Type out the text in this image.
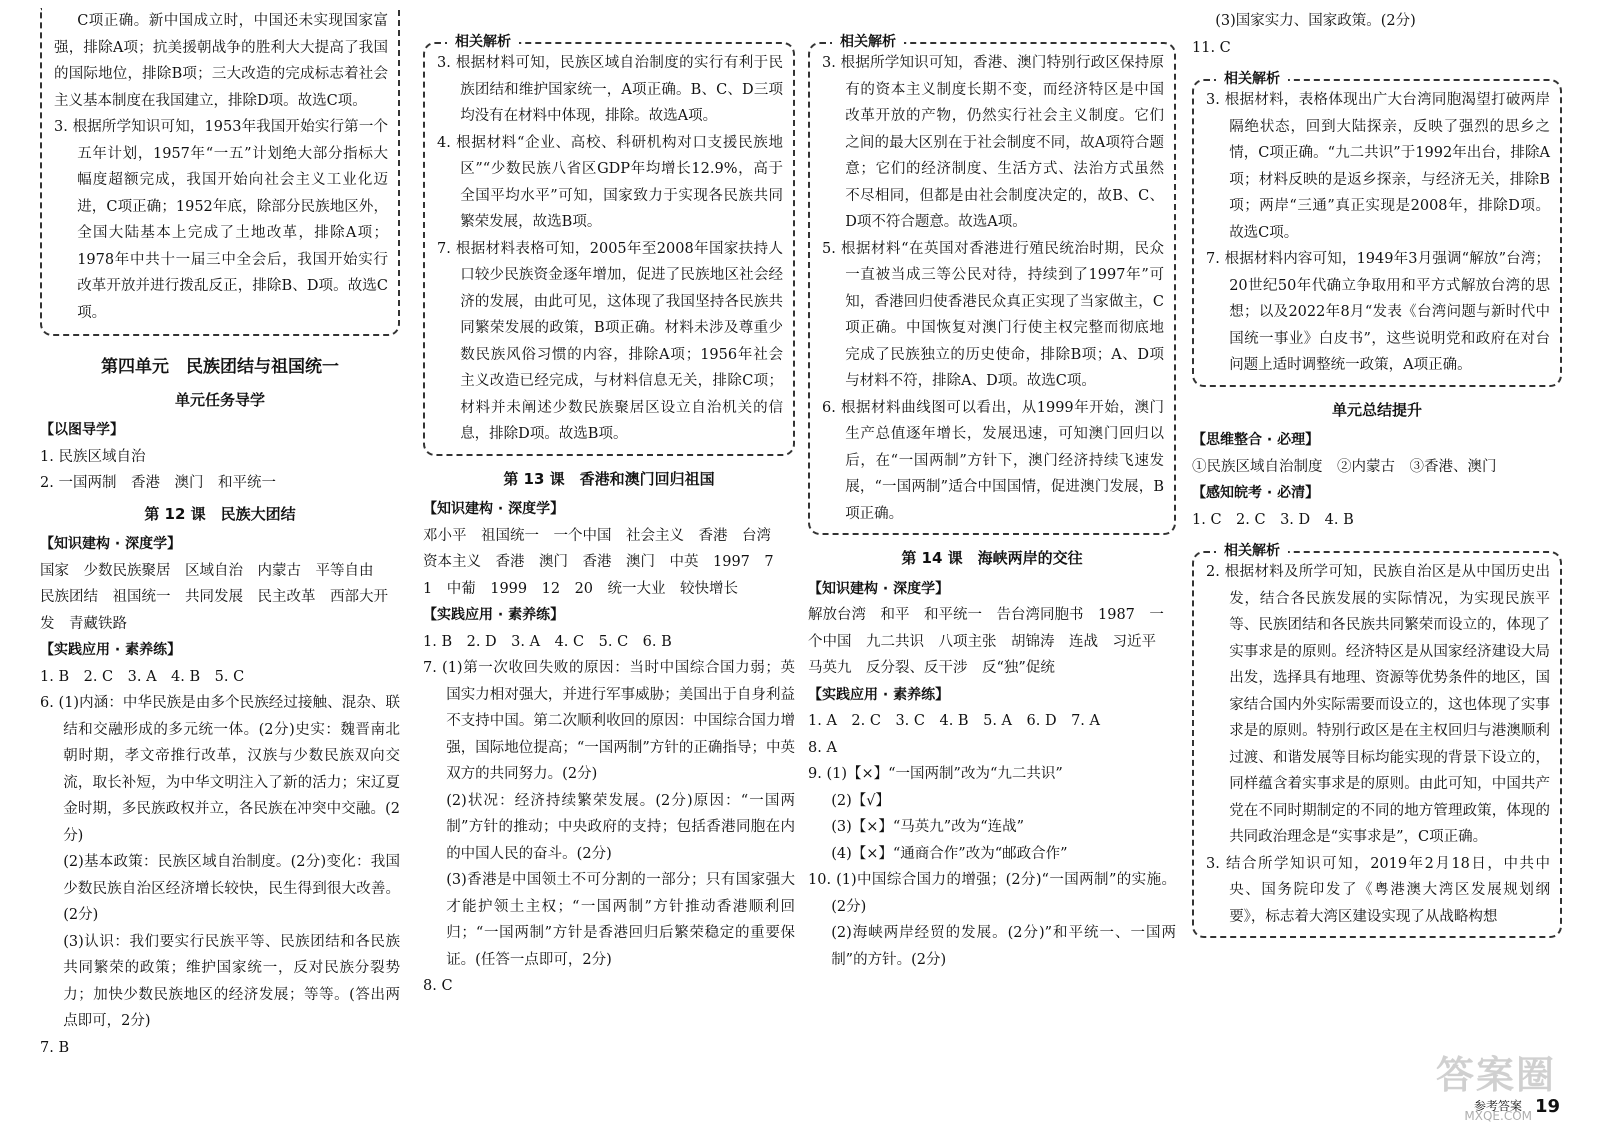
C项正确。新中国成立时，中国还未实现国家富强，排除A项；抗美援朝战争的胜利大大提高了我国的国际地位，排除B项；三大改造的完成标志着社会主义基本制度在我国建立，排除D项。故选C项。

3. 根据所学知识可知，1953年我国开始实行第一个五年计划，1957年“一五”计划绝大部分指标大幅度超额完成，我国开始向社会主义工业化迈进，C项正确；1952年底，除部分民族地区外，全国大陆基本上完成了土地改革，排除A项；1978年中共十一届三中全会后，我国开始实行改革开放并进行拨乱反正，排除B、D项。故选C项。

第四单元　民族团结与祖国统一
单元任务导学

【以图导学】

1. 民族区域自治

2. 一国两制　香港　澳门　和平统一

第 12 课　民族大团结

【知识建构 · 深度学】

国家　少数民族聚居　区域自治　内蒙古　平等自由　民族团结　祖国统一　共同发展　民主改革　西部大开发　青藏铁路

【实践应用 · 素养练】

1. B　2. C　3. A　4. B　5. C

6. (1)内涵：中华民族是由多个民族经过接触、混杂、联结和交融形成的多元统一体。(2分)史实：魏晋南北朝时期，孝文帝推行改革，汉族与少数民族双向交流，取长补短，为中华文明注入了新的活力；宋辽夏金时期，多民族政权并立，各民族在冲突中交融。(2分)

(2)基本政策：民族区域自治制度。(2分)变化：我国少数民族自治区经济增长较快，民生得到很大改善。(2分)

(3)认识：我们要实行民族平等、民族团结和各民族共同繁荣的政策；维护国家统一，反对民族分裂势力；加快少数民族地区的经济发展；等等。(答出两点即可，2分)

7. B

相关解析

3. 根据材料可知，民族区域自治制度的实行有利于民族团结和维护国家统一，A项正确。B、C、D三项均没有在材料中体现，排除。故选A项。

4. 根据材料“企业、高校、科研机构对口支援民族地区”“少数民族八省区GDP年均增长12.9%，高于全国平均水平”可知，国家致力于实现各民族共同繁荣发展，故选B项。

7. 根据材料表格可知，2005年至2008年国家扶持人口较少民族资金逐年增加，促进了民族地区社会经济的发展，由此可见，这体现了我国坚持各民族共同繁荣发展的政策，B项正确。材料未涉及尊重少数民族风俗习惯的内容，排除A项；1956年社会主义改造已经完成，与材料信息无关，排除C项；材料并未阐述少数民族聚居区设立自治机关的信息，排除D项。故选B项。

第 13 课　香港和澳门回归祖国

【知识建构 · 深度学】

邓小平　祖国统一　一个中国　社会主义　香港　台湾　资本主义　香港　澳门　香港　澳门　中英　1997　7　1　中葡　1999　12　20　统一大业　较快增长

【实践应用 · 素养练】

1. B　2. D　3. A　4. C　5. C　6. B

7. (1)第一次收回失败的原因：当时中国综合国力弱；英国实力相对强大，并进行军事威胁；美国出于自身利益不支持中国。第二次顺利收回的原因：中国综合国力增强，国际地位提高；“一国两制”方针的正确指导；中英双方的共同努力。(2分)

(2)状况：经济持续繁荣发展。(2分)原因：“一国两制”方针的推动；中央政府的支持；包括香港同胞在内的中国人民的奋斗。(2分)

(3)香港是中国领土不可分割的一部分；只有国家强大才能护领土主权；“一国两制”方针推动香港顺利回归；“一国两制”方针是香港回归后繁荣稳定的重要保证。(任答一点即可，2分)

8. C

相关解析

3. 根据所学知识可知，香港、澳门特别行政区保持原有的资本主义制度长期不变，而经济特区是中国改革开放的产物，仍然实行社会主义制度。它们之间的最大区别在于社会制度不同，故A项符合题意；它们的经济制度、生活方式、法治方式虽然不尽相同，但都是由社会制度决定的，故B、C、D项不符合题意。故选A项。

5. 根据材料“在英国对香港进行殖民统治时期，民众一直被当成三等公民对待，持续到了1997年”可知，香港回归使香港民众真正实现了当家做主，C项正确。中国恢复对澳门行使主权完整而彻底地完成了民族独立的历史使命，排除B项；A、D项与材料不符，排除A、D项。故选C项。

6. 根据材料曲线图可以看出，从1999年开始，澳门生产总值逐年增长，发展迅速，可知澳门回归以后，在“一国两制”方针下，澳门经济持续飞速发展，“一国两制”适合中国国情，促进澳门发展，B项正确。

第 14 课　海峡两岸的交往

【知识建构 · 深度学】

解放台湾　和平　和平统一　告台湾同胞书　1987　一个中国　九二共识　八项主张　胡锦涛　连战　习近平　马英九　反分裂、反干涉　反“独”促统

【实践应用 · 素养练】

1. A　2. C　3. C　4. B　5. A　6. D　7. A

8. A

9. (1)【×】“一国两制”改为“九二共识”

(2)【√】

(3)【×】“马英九”改为“连战”

(4)【×】“通商合作”改为“邮政合作”

10. (1)中国综合国力的增强；(2分)“一国两制”的实施。(2分)

(2)海峡两岸经贸的发展。(2分)”和平统一、一国两制”的方针。(2分)

(3)国家实力、国家政策。(2分)

11. C

相关解析

3. 根据材料，表格体现出广大台湾同胞渴望打破两岸隔绝状态，回到大陆探亲，反映了强烈的思乡之情，C项正确。“九二共识”于1992年出台，排除A项；材料反映的是返乡探亲，与经济无关，排除B项；两岸“三通”真正实现是2008年，排除D项。故选C项。

7. 根据材料内容可知，1949年3月强调“解放”台湾；20世纪50年代确立争取用和平方式解放台湾的思想；以及2022年8月“发表《台湾问题与新时代中国统一事业》白皮书”，这些说明党和政府在对台问题上适时调整统一政策，A项正确。

单元总结提升

【思维整合 · 必理】

①民族区域自治制度　②内蒙古　③香港、澳门

【感知皖考 · 必清】

1. C　2. C　3. D　4. B

相关解析

2. 根据材料及所学可知，民族自治区是从中国历史出发，结合各民族发展的实际情况，为实现民族平等、民族团结和各民族共同繁荣而设立的，体现了实事求是的原则。经济特区是从国家经济建设大局出发，选择具有地理、资源等优势条件的地区，国家结合国内外实际需要而设立的，这也体现了实事求是的原则。特别行政区是在主权回归与港澳顺利过渡、和谐发展等目标均能实现的背景下设立的，同样蕴含着实事求是的原则。由此可知，中国共产党在不同时期制定的不同的地方管理政策，体现的共同政治理念是“实事求是”，C项正确。

3. 结合所学知识可知，2019年2月18日，中共中央、国务院印发了《粤港澳大湾区发展规划纲要》，标志着大湾区建设实现了从战略构想

答案圈
MXQE.COM
参考答案 19
